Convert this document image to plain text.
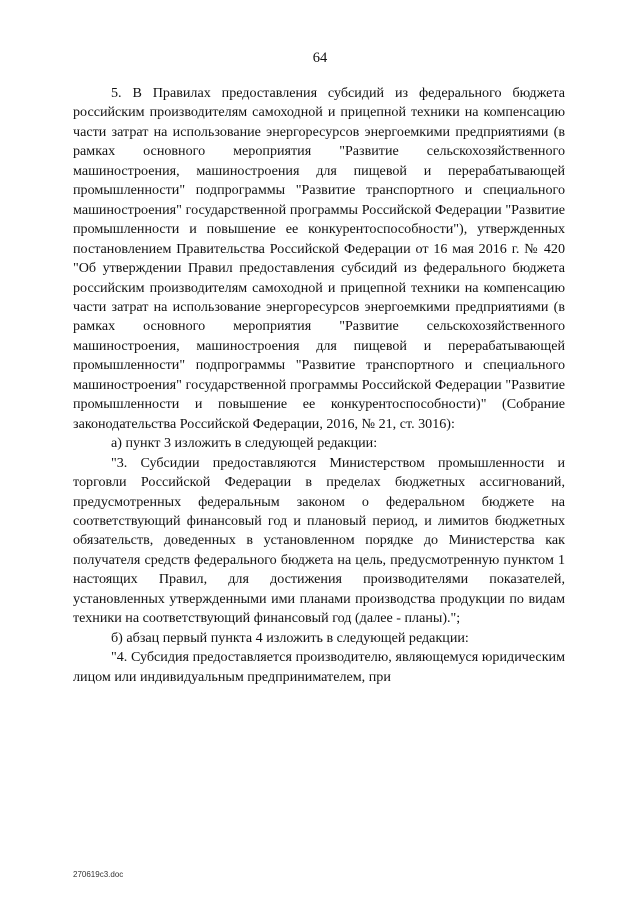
64

5. В Правилах предоставления субсидий из федерального бюджета российским производителям самоходной и прицепной техники на компенсацию части затрат на использование энергоресурсов энергоемкими предприятиями (в рамках основного мероприятия "Развитие сельскохозяйственного машиностроения, машиностроения для пищевой и перерабатывающей промышленности" подпрограммы "Развитие транспортного и специального машиностроения" государственной программы Российской Федерации "Развитие промышленности и повышение ее конкурентоспособности"), утвержденных постановлением Правительства Российской Федерации от 16 мая 2016 г. № 420 "Об утверждении Правил предоставления субсидий из федерального бюджета российским производителям самоходной и прицепной техники на компенсацию части затрат на использование энергоресурсов энергоемкими предприятиями (в рамках основного мероприятия "Развитие сельскохозяйственного машиностроения, машиностроения для пищевой и перерабатывающей промышленности" подпрограммы "Развитие транспортного и специального машиностроения" государственной программы Российской Федерации "Развитие промышленности и повышение ее конкурентоспособности)" (Собрание законодательства Российской Федерации, 2016, № 21, ст. 3016):

а) пункт 3 изложить в следующей редакции:

"3. Субсидии предоставляются Министерством промышленности и торговли Российской Федерации в пределах бюджетных ассигнований, предусмотренных федеральным законом о федеральном бюджете на соответствующий финансовый год и плановый период, и лимитов бюджетных обязательств, доведенных в установленном порядке до Министерства как получателя средств федерального бюджета на цель, предусмотренную пунктом 1 настоящих Правил, для достижения производителями показателей, установленных утвержденными ими планами производства продукции по видам техники на соответствующий финансовый год (далее - планы).";

б) абзац первый пункта 4 изложить в следующей редакции:

"4. Субсидия предоставляется производителю, являющемуся юридическим лицом или индивидуальным предпринимателем, при

270619с3.doc
